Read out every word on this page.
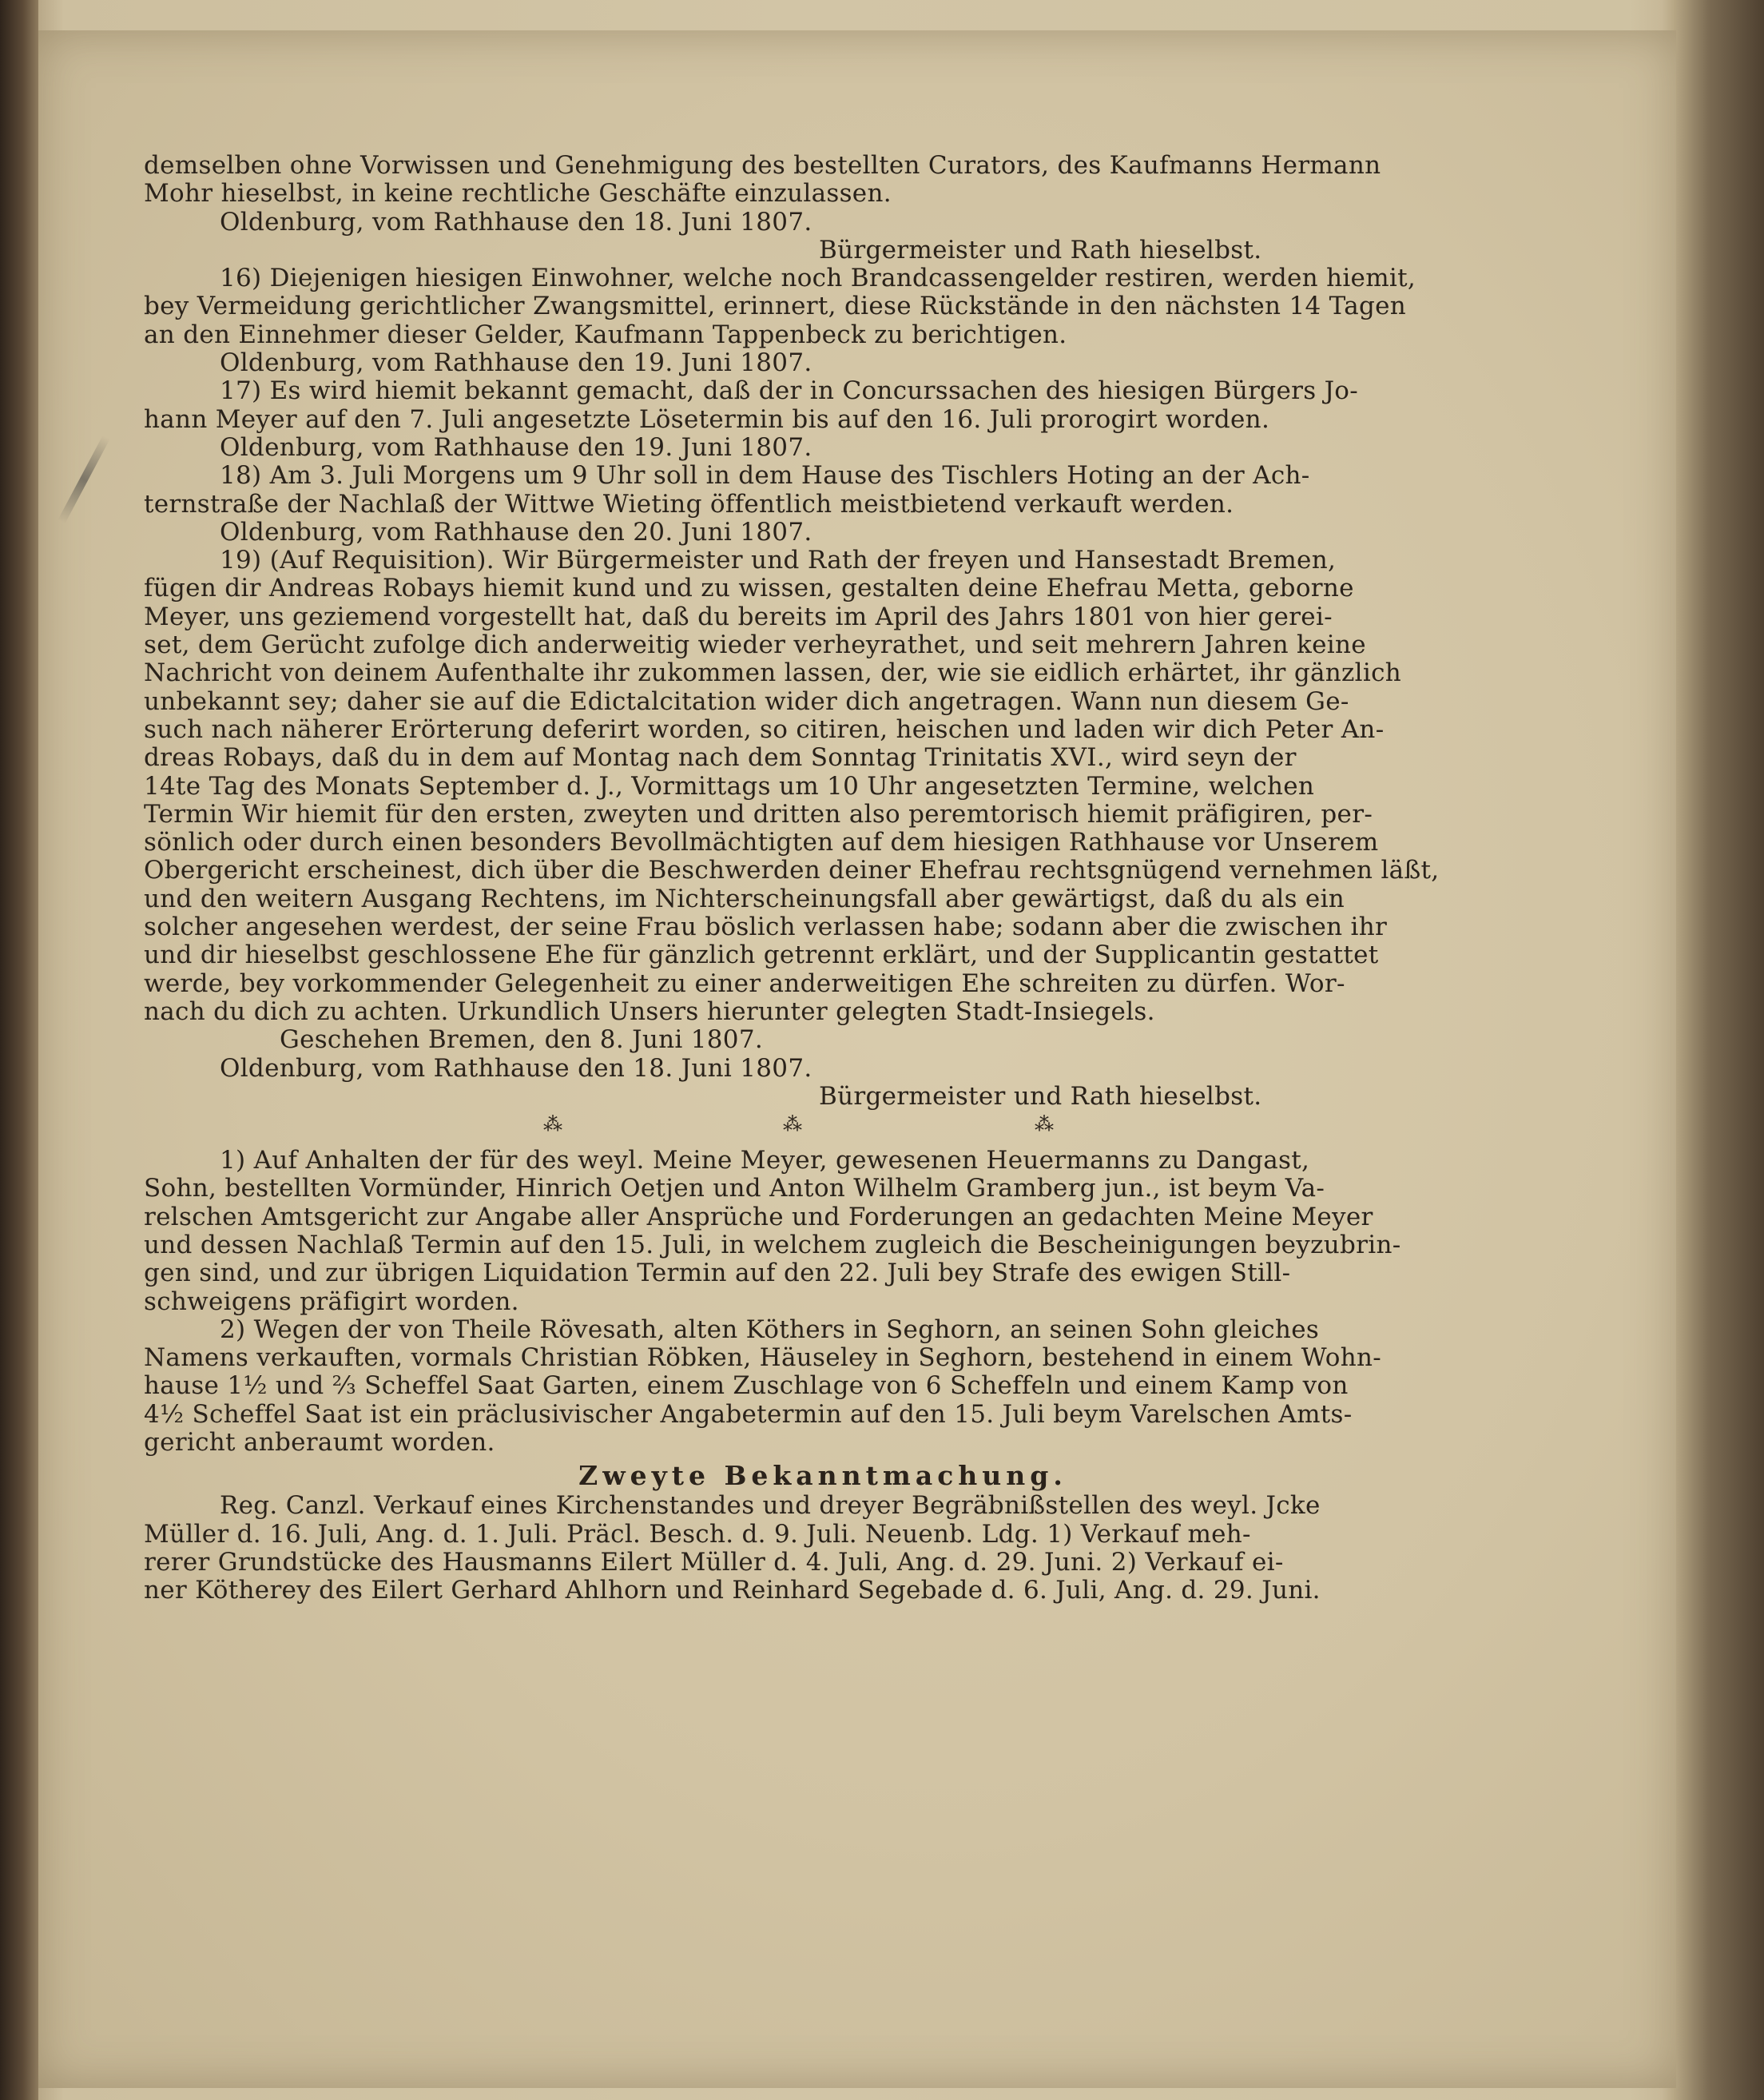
demselben ohne Vorwissen und Genehmigung des bestellten Curators, des Kaufmanns Hermann
Mohr hieselbst, in keine rechtliche Geschäfte einzulassen.
Oldenburg, vom Rathhause den 18. Juni 1807.
Bürgermeister und Rath hieselbst.
16) Diejenigen hiesigen Einwohner, welche noch Brandcassengelder restiren, werden hiemit,
bey Vermeidung gerichtlicher Zwangsmittel, erinnert, diese Rückstände in den nächsten 14 Tagen
an den Einnehmer dieser Gelder, Kaufmann Tappenbeck zu berichtigen.
Oldenburg, vom Rathhause den 19. Juni 1807.
17) Es wird hiemit bekannt gemacht, daß der in Concurssachen des hiesigen Bürgers Jo-
hann Meyer auf den 7. Juli angesetzte Lösetermin bis auf den 16. Juli prorogirt worden.
Oldenburg, vom Rathhause den 19. Juni 1807.
18) Am 3. Juli Morgens um 9 Uhr soll in dem Hause des Tischlers Hoting an der Ach-
ternstraße der Nachlaß der Wittwe Wieting öffentlich meistbietend verkauft werden.
Oldenburg, vom Rathhause den 20. Juni 1807.
19) (Auf Requisition). Wir Bürgermeister und Rath der freyen und Hansestadt Bremen,
fügen dir Andreas Robays hiemit kund und zu wissen, gestalten deine Ehefrau Metta, geborne
Meyer, uns geziemend vorgestellt hat, daß du bereits im April des Jahrs 1801 von hier gerei-
set, dem Gerücht zufolge dich anderweitig wieder verheyrathet, und seit mehrern Jahren keine
Nachricht von deinem Aufenthalte ihr zukommen lassen, der, wie sie eidlich erhärtet, ihr gänzlich
unbekannt sey; daher sie auf die Edictalcitation wider dich angetragen. Wann nun diesem Ge-
such nach näherer Erörterung deferirt worden, so citiren, heischen und laden wir dich Peter An-
dreas Robays, daß du in dem auf Montag nach dem Sonntag Trinitatis XVI., wird seyn der
14te Tag des Monats September d. J., Vormittags um 10 Uhr angesetzten Termine, welchen
Termin Wir hiemit für den ersten, zweyten und dritten also peremtorisch hiemit präfigiren, per-
sönlich oder durch einen besonders Bevollmächtigten auf dem hiesigen Rathhause vor Unserem
Obergericht erscheinest, dich über die Beschwerden deiner Ehefrau rechtsgnügend vernehmen läßt,
und den weitern Ausgang Rechtens, im Nichterscheinungsfall aber gewärtigst, daß du als ein
solcher angesehen werdest, der seine Frau böslich verlassen habe; sodann aber die zwischen ihr
und dir hieselbst geschlossene Ehe für gänzlich getrennt erklärt, und der Supplicantin gestattet
werde, bey vorkommender Gelegenheit zu einer anderweitigen Ehe schreiten zu dürfen. Wor-
nach du dich zu achten. Urkundlich Unsers hierunter gelegten Stadt-Insiegels.
Geschehen Bremen, den 8. Juni 1807.
Oldenburg, vom Rathhause den 18. Juni 1807.
Bürgermeister und Rath hieselbst.
⁂	⁂	⁂
1) Auf Anhalten der für des weyl. Meine Meyer, gewesenen Heuermanns zu Dangast,
Sohn, bestellten Vormünder, Hinrich Oetjen und Anton Wilhelm Gramberg jun., ist beym Va-
relschen Amtsgericht zur Angabe aller Ansprüche und Forderungen an gedachten Meine Meyer
und dessen Nachlaß Termin auf den 15. Juli, in welchem zugleich die Bescheinigungen beyzubrin-
gen sind, und zur übrigen Liquidation Termin auf den 22. Juli bey Strafe des ewigen Still-
schweigens präfigirt worden.
2) Wegen der von Theile Rövesath, alten Köthers in Seghorn, an seinen Sohn gleiches
Namens verkauften, vormals Christian Röbken, Häuseley in Seghorn, bestehend in einem Wohn-
hause 1½ und ⅔ Scheffel Saat Garten, einem Zuschlage von 6 Scheffeln und einem Kamp von
4½ Scheffel Saat ist ein präclusivischer Angabetermin auf den 15. Juli beym Varelschen Amts-
gericht anberaumt worden.
Zweyte Bekanntmachung.
Reg. Canzl. Verkauf eines Kirchenstandes und dreyer Begräbnißstellen des weyl. Jcke
Müller d. 16. Juli, Ang. d. 1. Juli. Präcl. Besch. d. 9. Juli. Neuenb. Ldg. 1) Verkauf meh-
rerer Grundstücke des Hausmanns Eilert Müller d. 4. Juli, Ang. d. 29. Juni. 2) Verkauf ei-
ner Kötherey des Eilert Gerhard Ahlhorn und Reinhard Segebade d. 6. Juli, Ang. d. 29. Juni.
